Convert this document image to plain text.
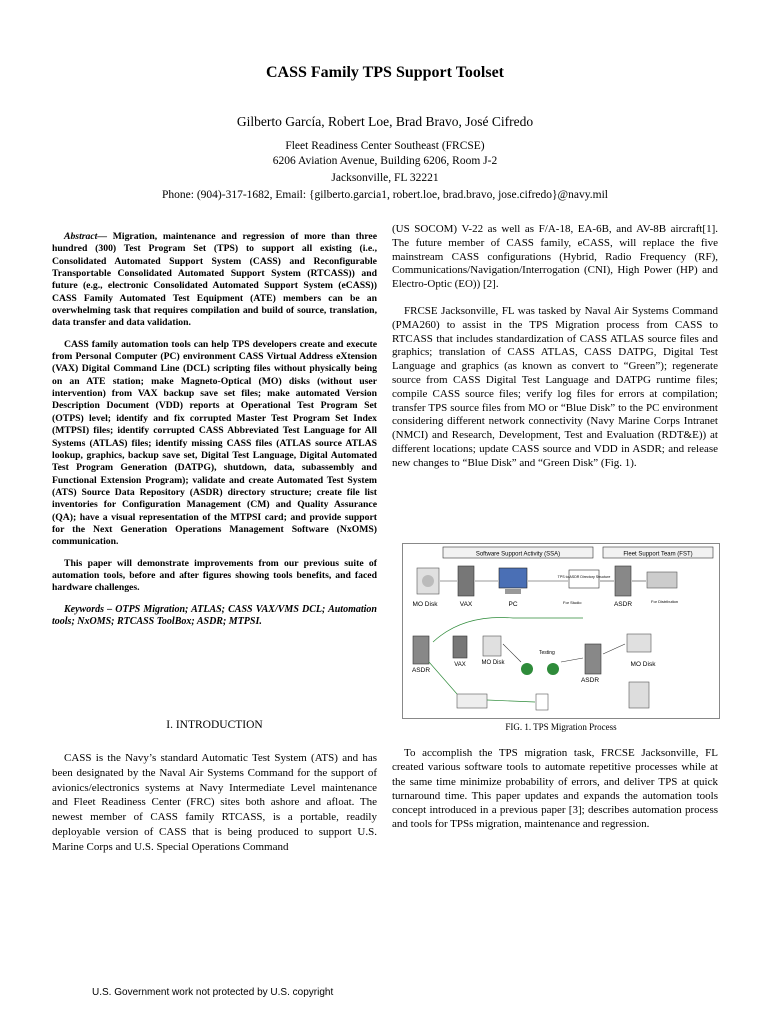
CASS Family TPS Support Toolset
Gilberto García, Robert Loe, Brad Bravo, José Cifredo
Fleet Readiness Center Southeast (FRCSE)
6206 Aviation Avenue, Building 6206, Room J-2
Jacksonville, FL 32221
Phone: (904)-317-1682, Email: {gilberto.garcia1, robert.loe, brad.bravo, jose.cifredo}@navy.mil

Abstract— Migration, maintenance and regression of more than three hundred (300) Test Program Set (TPS) to support all existing (i.e., Consolidated Automated Support System (CASS) and Reconfigurable Transportable Consolidated Automated Support System (RTCASS)) and future (e.g., electronic Consolidated Automated Support System (eCASS)) CASS Family Automated Test Equipment (ATE) members can be an overwhelming task that requires compilation and build of source, translation, data transfer and data validation.

CASS family automation tools can help TPS developers create and execute from Personal Computer (PC) environment CASS Virtual Address eXtension (VAX) Digital Command Line (DCL) scripting files without physically being on an ATE station; make Magneto-Optical (MO) disks (without user intervention) from VAX backup save set files; make automated Version Description Document (VDD) reports at Operational Test Program Set (OTPS) level; identify and fix corrupted Master Test Program Set Index (MTPSI) files; identify corrupted CASS Abbreviated Test Language for All Systems (ATLAS) files; identify missing CASS files (ATLAS source ATLAS lookup, graphics, backup save set, Digital Test Language, Digital Automated Test Program Generation (DATPG), shutdown, data, subassembly and Functional Extension Program); validate and create Automated Test System (ATS) Source Data Repository (ASDR) directory structure; create file list inventories for Configuration Management (CM) and Quality Assurance (QA); have a visual representation of the MTPSI card; and provide support for the Next Generation Operations Management Software (NxOMS) communication.

This paper will demonstrate improvements from our previous suite of automation tools, before and after figures showing tools benefits, and faced hardware challenges.

Keywords – OTPS Migration; ATLAS; CASS VAX/VMS DCL; Automation tools; NxOMS; RTCASS ToolBox; ASDR; MTPSI.

I. INTRODUCTION

CASS is the Navy’s standard Automatic Test System (ATS) and has been designated by the Naval Air Systems Command for the support of avionics/electronics systems at Navy Intermediate Level maintenance and Fleet Readiness Center (FRC) sites both ashore and afloat. The newest member of CASS family RTCASS, is a portable, readily deployable version of CASS that is being produced to support U.S. Marine Corps and U.S. Special Operations Command

(US SOCOM) V-22 as well as F/A-18, EA-6B, and AV-8B aircraft[1]. The future member of CASS family, eCASS, will replace the five mainstream CASS configurations (Hybrid, Radio Frequency (RF), Communications/Navigation/Interrogation (CNI), High Power (HP) and Electro-Optic (EO)) [2].

FRCSE Jacksonville, FL was tasked by Naval Air Systems Command (PMA260) to assist in the TPS Migration process from CASS to RTCASS that includes standardization of CASS ATLAS source files and graphics; translation of CASS ATLAS, CASS DATPG, Digital Test Language and graphics (as known as convert to “Green”); regenerate source from CASS Digital Test Language and DATPG runtime files; compile CASS source files; verify log files for errors at compilation; transfer TPS source files from MO or “Blue Disk” to the PC environment considering different network connectivity (Navy Marine Corps Intranet (NMCI) and Research, Development, Test and Evaluation (RDT&E)) at different locations; update CASS source and VDD in ASDR; and release new changes to “Blue Disk” and “Green Disk” (Fig. 1).

Software Support Activity (SSA)	Fleet Support Team (FST)
MO Disk	VAX	PC
TPS to ASDR Directory Structure
ASDR
For Studio	For Distribution
ASDR
VAX	MO Disk
Testing
ASDR
MO Disk
FIG. 1. TPS Migration Process

To accomplish the TPS migration task, FRCSE Jacksonville, FL created various software tools to automate repetitive processes while at the same time minimize probability of errors, and deliver TPS at quick turnaround time. This paper updates and expands the automation tools concept introduced in a previous paper [3]; describes automation process and tools for TPSs migration, maintenance and regression.

U.S. Government work not protected by U.S. copyright
